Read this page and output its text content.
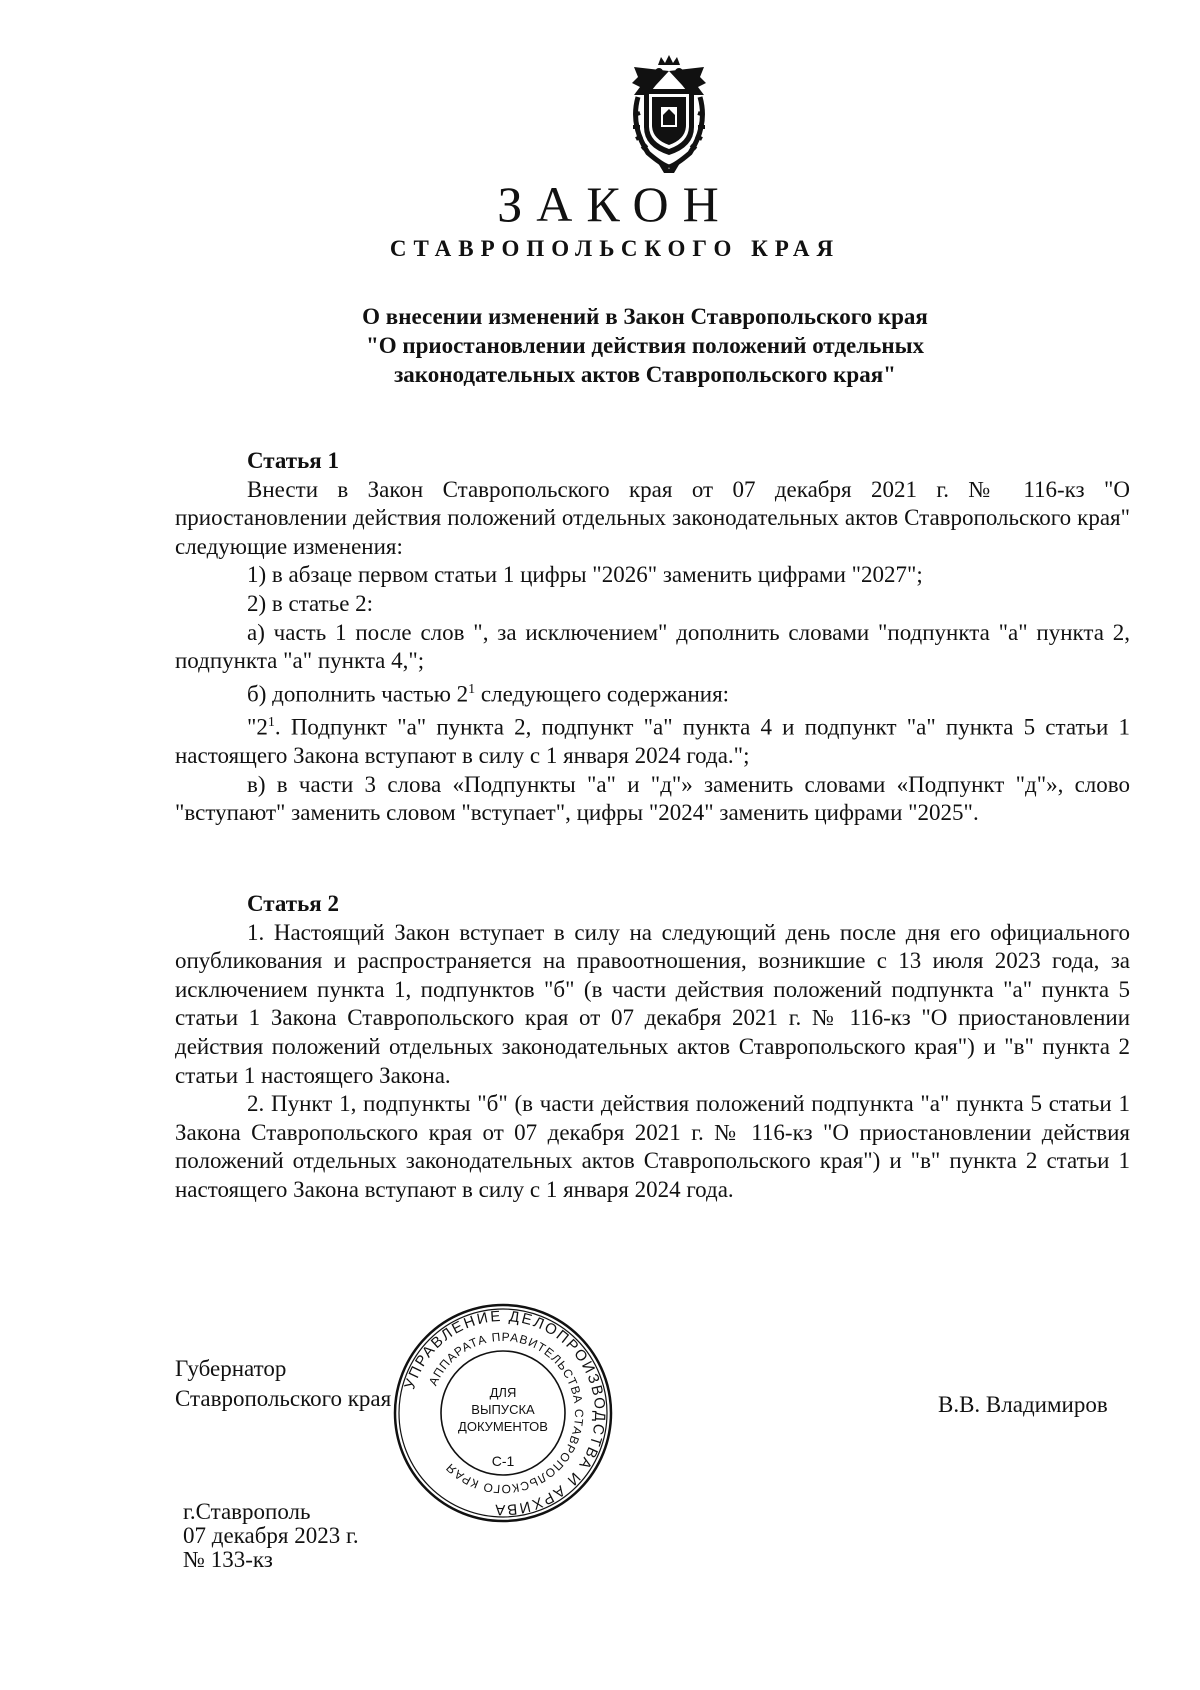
ЗАКОН
СТАВРОПОЛЬСКОГО КРАЯ
О внесении изменений в Закон Ставропольского края
"О приостановлении действия положений отдельных
законодательных актов Ставропольского края"

Статья 1

Внести в Закон Ставропольского края от 07 декабря 2021 г. № 116-кз "О приостановлении действия положений отдельных законодательных актов Ставропольского края" следующие изменения:

1) в абзаце первом статьи 1 цифры "2026" заменить цифрами "2027";

2) в статье 2:

а) часть 1 после слов ", за исключением" дополнить словами "подпункта "а" пункта 2, подпункта "а" пункта 4,";

б) дополнить частью $2^1$ следующего содержания:

"$2^1$. Подпункт "а" пункта 2, подпункт "а" пункта 4 и подпункт "а" пункта 5 статьи 1 настоящего Закона вступают в силу с 1 января 2024 года.";

в) в части 3 слова «Подпункты "а" и "д"» заменить словами «Подпункт "д"», слово "вступают" заменить словом "вступает", цифры "2024" заменить цифрами "2025".

Статья 2

1. Настоящий Закон вступает в силу на следующий день после дня его официального опубликования и распространяется на правоотношения, возникшие с 13 июля 2023 года, за исключением пункта 1, подпунктов "б" (в части действия положений подпункта "а" пункта 5 статьи 1 Закона Ставропольского края от 07 декабря 2021 г. № 116-кз "О приостановлении действия положений отдельных законодательных актов Ставропольского края") и "в" пункта 2 статьи 1 настоящего Закона.

2. Пункт 1, подпункты "б" (в части действия положений подпункта "а" пункта 5 статьи 1 Закона Ставропольского края от 07 декабря 2021 г. № 116-кз "О приостановлении действия положений отдельных законодательных актов Ставропольского края") и "в" пункта 2 статьи 1 настоящего Закона вступают в силу с 1 января 2024 года.

Губернатор
Ставропольского края	В.В. Владимиров
УПРАВЛЕНИЕ ДЕЛОПРОИЗВОДСТВА И АРХИВА
АППАРАТА ПРАВИТЕЛЬСТВА СТАВРОПОЛЬСКОГО КРАЯ
ДЛЯ
ВЫПУСКА
ДОКУМЕНТОВ
С-1
г.Ставрополь
07 декабря 2023 г.
№ 133-кз
